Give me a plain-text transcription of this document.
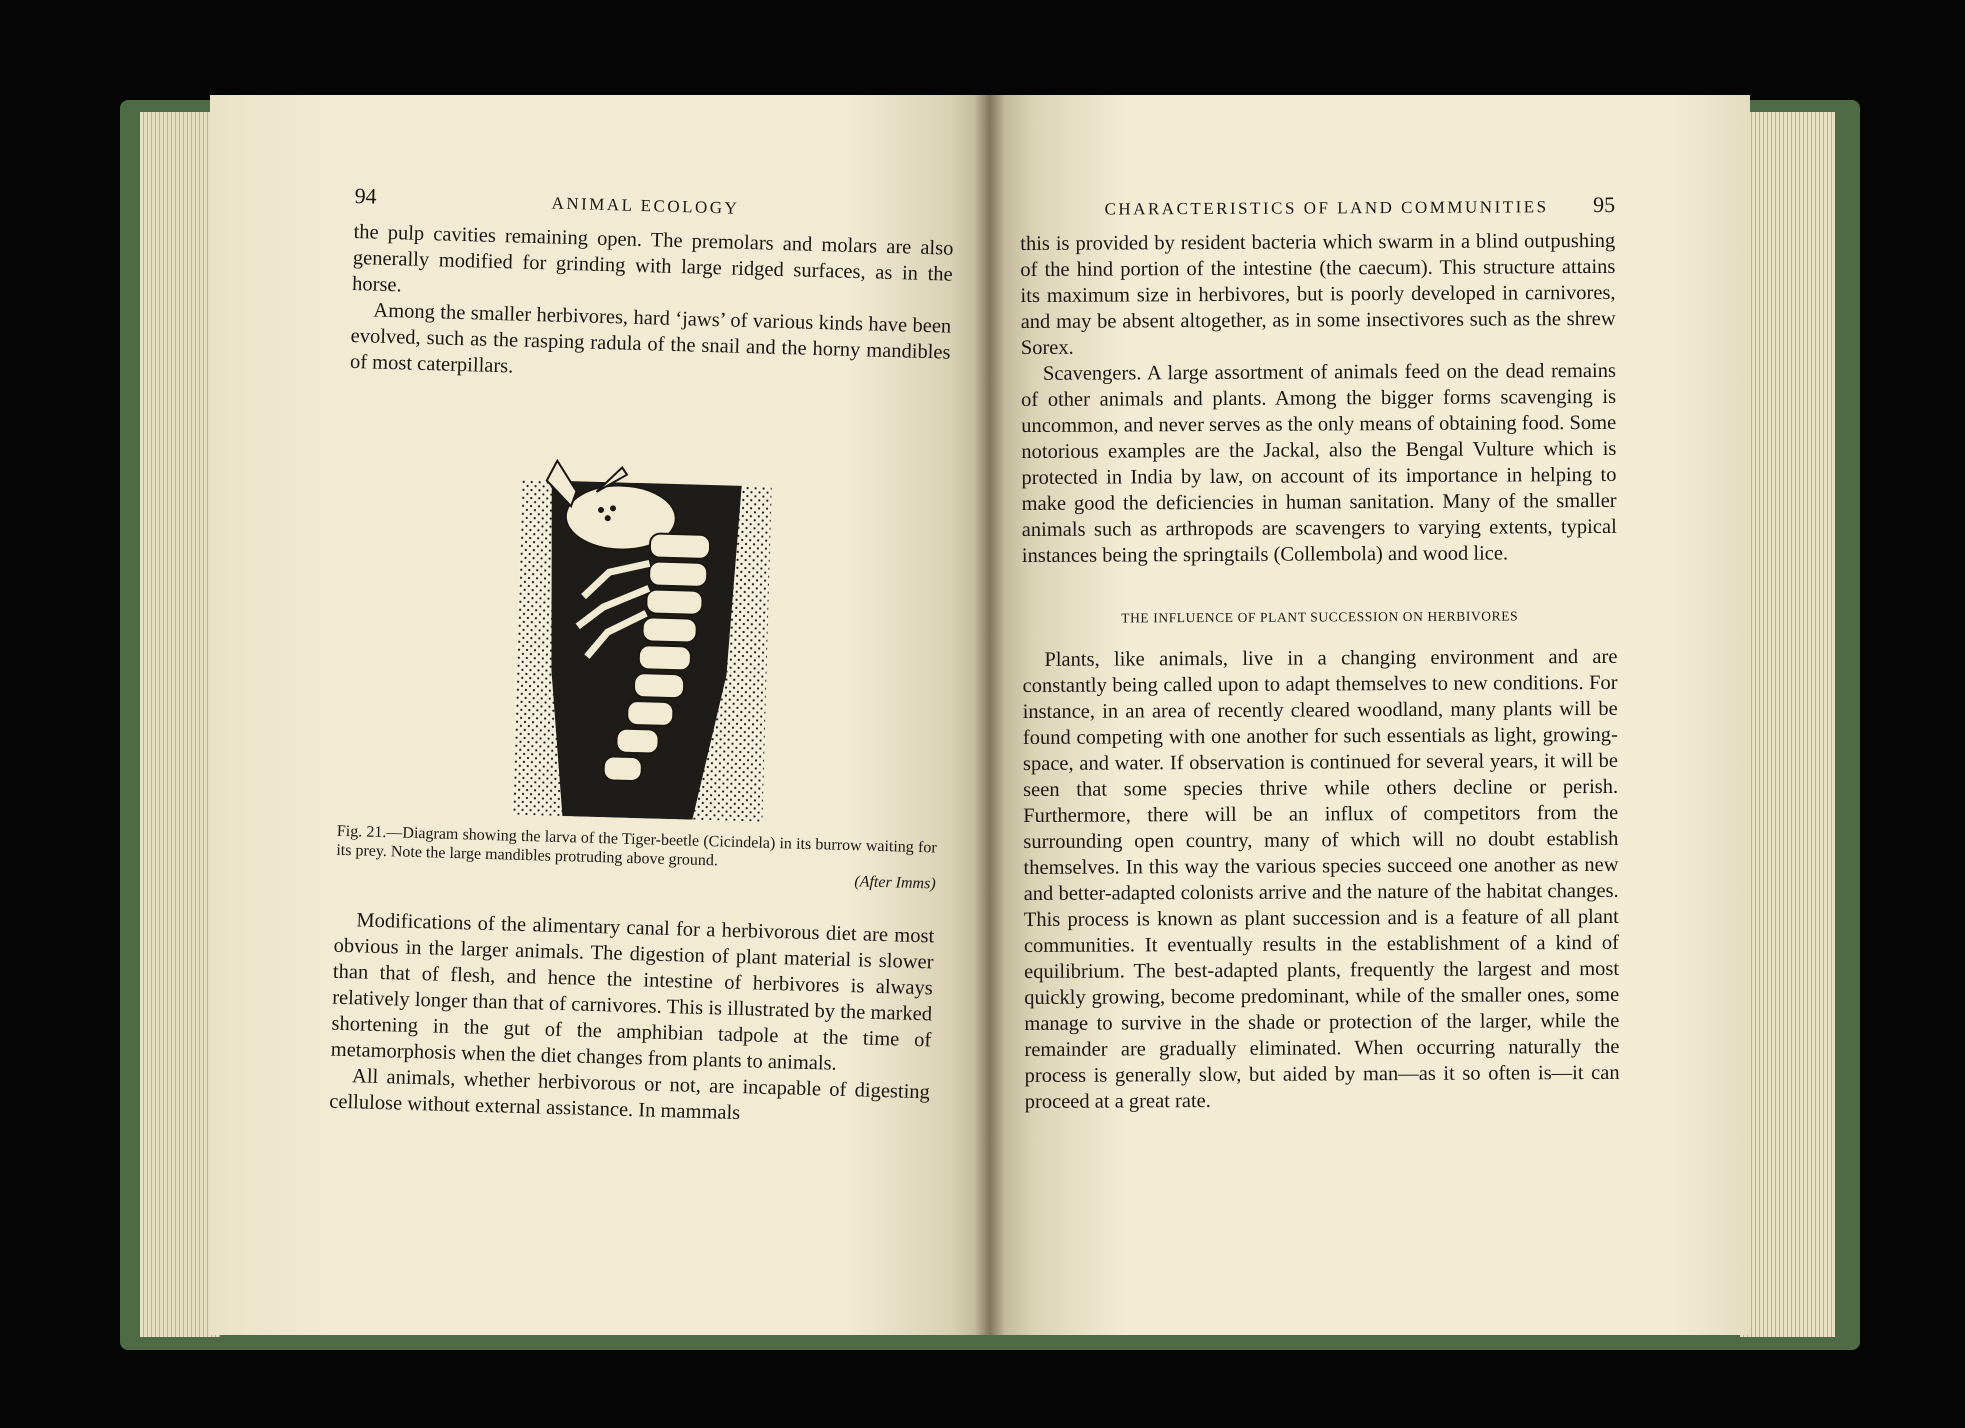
94	ANIMAL ECOLOGY

the pulp cavities remaining open. The premolars and molars are also generally modified for grinding with large ridged surfaces, as in the horse.

Among the smaller herbivores, hard ‘jaws’ of various kinds have been evolved, such as the rasping radula of the snail and the horny mandibles of most caterpillars.

Fig. 21.—Diagram showing the larva of the Tiger-beetle (Cicindela) in its burrow waiting for its prey. Note the large mandibles protruding above ground.
(After Imms)

Modifications of the alimentary canal for a herbivorous diet are most obvious in the larger animals. The digestion of plant material is slower than that of flesh, and hence the intestine of herbivores is always relatively longer than that of carnivores. This is illustrated by the marked shortening in the gut of the amphibian tadpole at the time of metamorphosis when the diet changes from plants to animals.

All animals, whether herbivorous or not, are incapable of digesting cellulose without external assistance. In mammals

CHARACTERISTICS OF LAND COMMUNITIES 95

this is provided by resident bacteria which swarm in a blind outpushing of the hind portion of the intestine (the caecum). This structure attains its maximum size in herbivores, but is poorly developed in carnivores, and may be absent altogether, as in some insectivores such as the shrew Sorex.

Scavengers. A large assortment of animals feed on the dead remains of other animals and plants. Among the bigger forms scavenging is uncommon, and never serves as the only means of obtaining food. Some notorious examples are the Jackal, also the Bengal Vulture which is protected in India by law, on account of its importance in helping to make good the deficiencies in human sanitation. Many of the smaller animals such as arthropods are scavengers to varying extents, typical instances being the springtails (Collembola) and wood lice.

THE INFLUENCE OF PLANT SUCCESSION ON HERBIVORES

Plants, like animals, live in a changing environment and are constantly being called upon to adapt themselves to new conditions. For instance, in an area of recently cleared woodland, many plants will be found competing with one another for such essentials as light, growing-space, and water. If observation is continued for several years, it will be seen that some species thrive while others decline or perish. Furthermore, there will be an influx of competitors from the surrounding open country, many of which will no doubt establish themselves. In this way the various species succeed one another as new and better-adapted colonists arrive and the nature of the habitat changes. This process is known as plant succession and is a feature of all plant communities. It eventually results in the establishment of a kind of equilibrium. The best-adapted plants, frequently the largest and most quickly growing, become predominant, while of the smaller ones, some manage to survive in the shade or protection of the larger, while the remainder are gradually eliminated. When occurring naturally the process is generally slow, but aided by man—as it so often is—it can proceed at a great rate.
